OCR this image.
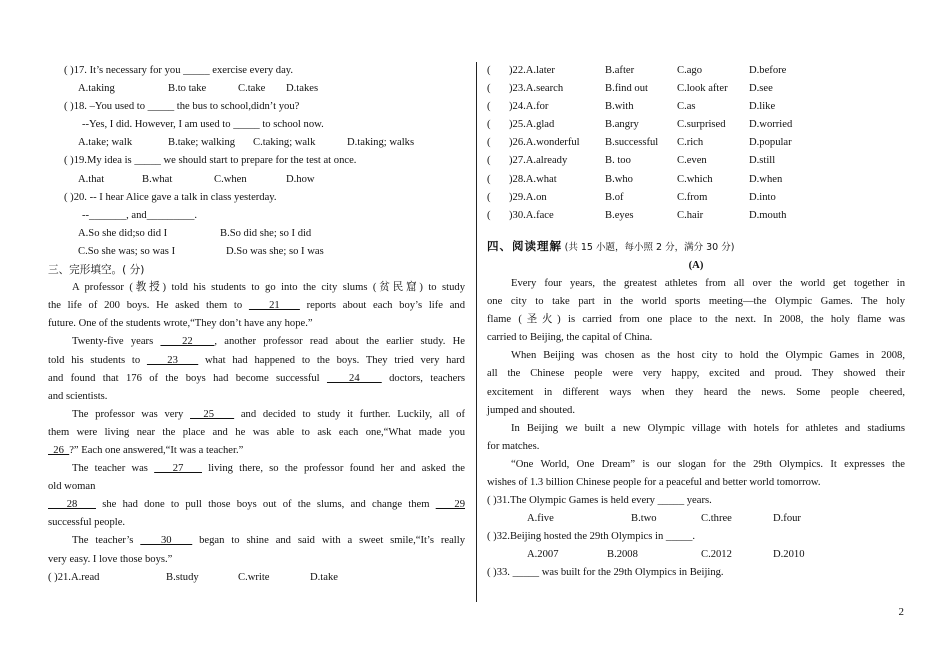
( )17. It’s necessary for you _____ exercise every day.
A.taking	B.to take	C.take	D.takes
( )18. –You used to _____ the bus to school,didn’t you?
--Yes, I did. However, I am used to _____ to school now.
A.take; walk	B.take; walking	C.taking; walk	D.taking; walks
( )19.My idea is _____ we should start to prepare for the test at once.
A.that	B.what	C.when	D.how
( )20. -- I hear Alice gave a talk in class yesterday.
--_______, and_________.
A.So she did;so did I	B.So did she; so I did
C.So she was; so was I	D.So was she; so I was
三、完形填空。( 分)
A professor (教授) told his students to go into the city slums (贫民窟) to study
the life of 200 boys. He asked them to    21    reports about each boy’s life and
future. One of the students wrote,“They don’t have any hope.”
Twenty-five years    22   , another professor read about the earlier study. He
told his students to    23    what had happened to the boys. They tried very hard
and found that 176 of the boys had become successful    24    doctors, teachers
and scientists.
The professor was very   25    and decided to study it further. Luckily, all of
them were living near the place and he was able to ask each one,“What made you
26  ?” Each one answered,“It was a teacher.”
The teacher was    27    living there, so the professor found her and asked the
old woman
28    she had done to pull those boys out of the slums, and change them    29
successful people.
The teacher’s    30    began to shine and said with a sweet smile,“It’s really
very easy. I love those boys.”
( )21.A.read	B.study	C.write	D.take
(	)22.A.later	B.after	C.ago	D.before
(	)23.A.search	B.find out	C.look after	D.see
(	)24.A.for	B.with	C.as	D.like
(	)25.A.glad	B.angry	C.surprised	D.worried
(	)26.A.wonderful	B.successful	C.rich	D.popular
(	)27.A.already	B. too	C.even	D.still
(	)28.A.what	B.who	C.which	D.when
(	)29.A.on	B.of	C.from	D.into
(	)30.A.face	B.eyes	C.hair	D.mouth
四、阅读理解 (共 15 小题，每小照 2 分，满分 30 分)
(A)
Every four years, the greatest athletes from all over the world get together in
one city to take part in the world sports meeting—the Olympic Games. The holy
flame (圣火) is carried from one place to the next. In 2008, the holy flame was
carried to Beijing, the capital of China.
When Beijing was chosen as the host city to hold the Olympic Games in 2008,
all the Chinese people were very happy, excited and proud. They showed their
excitement in different ways when they heard the news. Some people cheered,
jumped and shouted.
In Beijing we built a new Olympic village with hotels for athletes and stadiums
for matches.
“One World, One Dream” is our slogan for the 29th Olympics. It expresses the
wishes of 1.3 billion Chinese people for a peaceful and better world tomorrow.
( )31.The Olympic Games is held every _____ years.
A.five	B.two	C.three	D.four
( )32.Beijing hosted the 29th Olympics in _____.
A.2007	B.2008	C.2012	D.2010
( )33. _____ was built for the 29th Olympics in Beijing.
2
